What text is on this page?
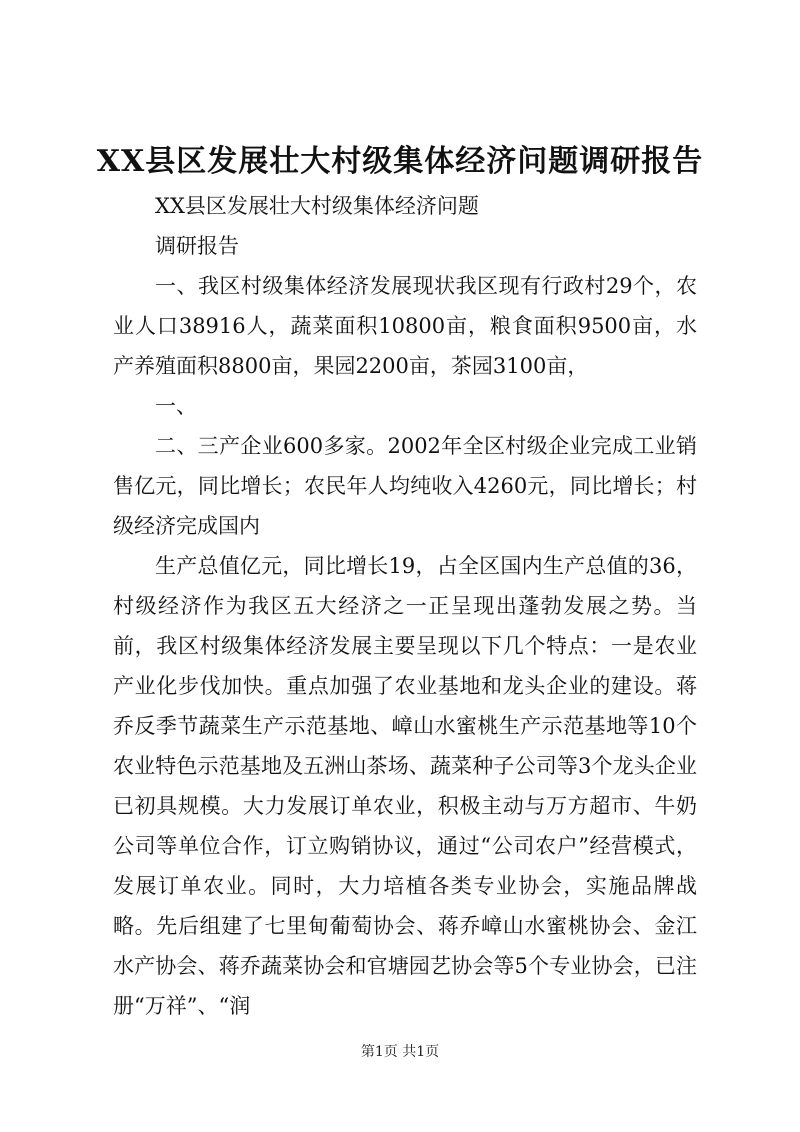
XX县区发展壮大村级集体经济问题调研报告

XX县区发展壮大村级集体经济问题

调研报告

一、我区村级集体经济发展现状我区现有行政村29个，农业人口38916人，蔬菜面积10800亩，粮食面积9500亩，水产养殖面积8800亩，果园2200亩，茶园3100亩，

一、

二、三产企业600多家。2002年全区村级企业完成工业销售亿元，同比增长；农民年人均纯收入4260元，同比增长；村级经济完成国内

生产总值亿元，同比增长19，占全区国内生产总值的36，村级经济作为我区五大经济之一正呈现出蓬勃发展之势。当前，我区村级集体经济发展主要呈现以下几个特点：一是农业产业化步伐加快。重点加强了农业基地和龙头企业的建设。蒋乔反季节蔬菜生产示范基地、嶂山水蜜桃生产示范基地等10个农业特色示范基地及五洲山茶场、蔬菜种子公司等3个龙头企业已初具规模。大力发展订单农业，积极主动与万方超市、牛奶公司等单位合作，订立购销协议，通过“公司农户”经营模式，发展订单农业。同时，大力培植各类专业协会，实施品牌战略。先后组建了七里甸葡萄协会、蒋乔嶂山水蜜桃协会、金江水产协会、蒋乔蔬菜协会和官塘园艺协会等5个专业协会，已注册“万祥”、“润

第1页 共1页
